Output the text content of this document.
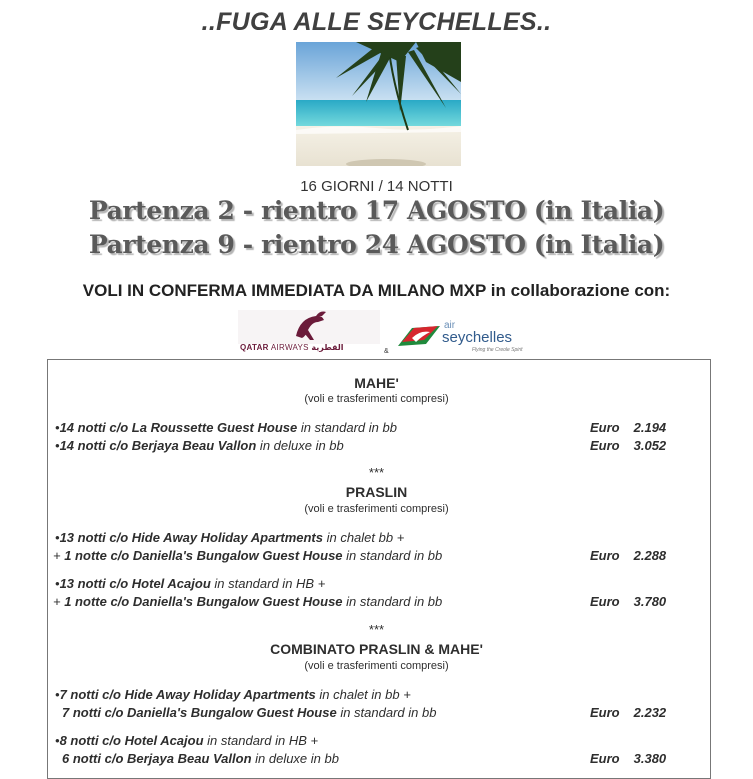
..FUGA ALLE SEYCHELLES..
16 GIORNI / 14 NOTTI
Partenza 2 - rientro 17 AGOSTO (in Italia)
Partenza 9 - rientro 24 AGOSTO (in Italia)
VOLI IN CONFERMA IMMEDIATA DA MILANO MXP in collaborazione con:
QATAR AIRWAYS القطرية	&
air
seychelles
Flying the Creole Spirit
MAHE'
(voli e trasferimenti compresi)
•14 notti c/o La Roussette Guest House in standard in bb	Euro 2.194
•14 notti c/o Berjaya Beau Vallon in deluxe in bb	Euro 3.052
***
PRASLIN
(voli e trasferimenti compresi)
•13 notti c/o Hide Away Holiday Apartments in chalet bb +
+ 1 notte c/o Daniella's Bungalow Guest House in standard in bb	Euro 2.288
•13 notti c/o Hotel Acajou in standard in HB +
+ 1 notte c/o Daniella's Bungalow Guest House in standard in bb	Euro 3.780
***
COMBINATO PRASLIN & MAHE'
(voli e trasferimenti compresi)
•7 notti c/o Hide Away Holiday Apartments in chalet in bb +
7 notti c/o Daniella's Bungalow Guest House in standard in bb	Euro 2.232
•8 notti c/o Hotel Acajou in standard in HB +
6 notti c/o Berjaya Beau Vallon in deluxe in bb	Euro 3.380
